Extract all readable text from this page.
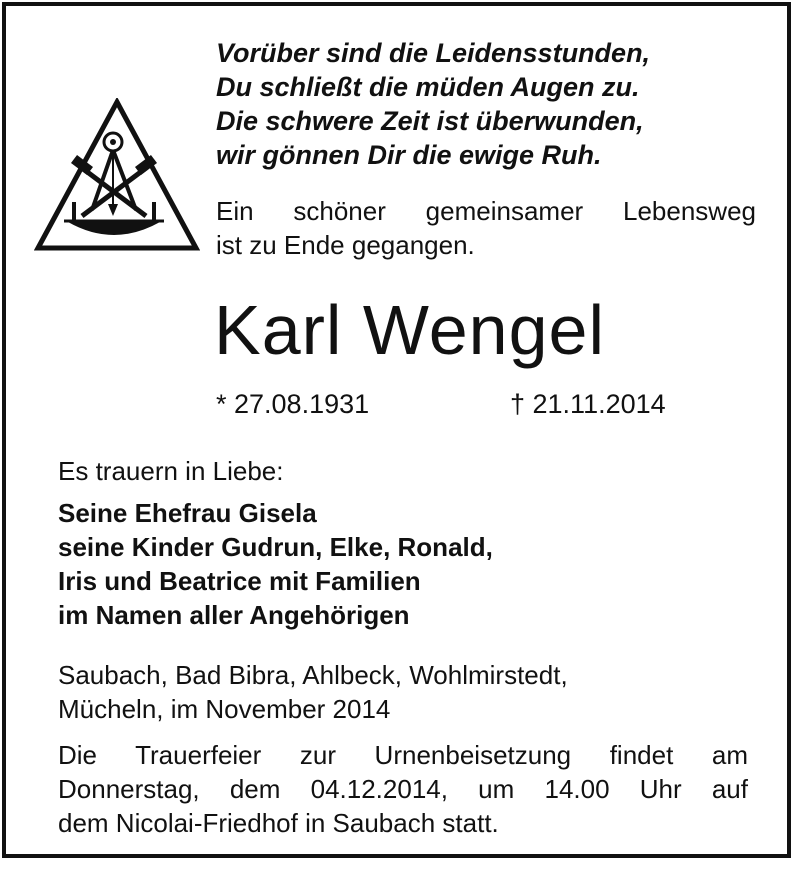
Vorüber sind die Leidensstunden,
Du schließt die müden Augen zu.
Die schwere Zeit ist überwunden,
wir gönnen Dir die ewige Ruh.
Ein schöner gemeinsamer Lebensweg
ist zu Ende gegangen.
Karl Wengel
* 27.08.1931	† 21.11.2014
Es trauern in Liebe:
Seine Ehefrau Gisela
seine Kinder Gudrun, Elke, Ronald,
Iris und Beatrice mit Familien
im Namen aller Angehörigen
Saubach, Bad Bibra, Ahlbeck, Wohlmirstedt,
Mücheln, im November 2014
Die Trauerfeier zur Urnenbeisetzung findet am
Donnerstag, dem 04.12.2014, um 14.00 Uhr auf
dem Nicolai-Friedhof in Saubach statt.
